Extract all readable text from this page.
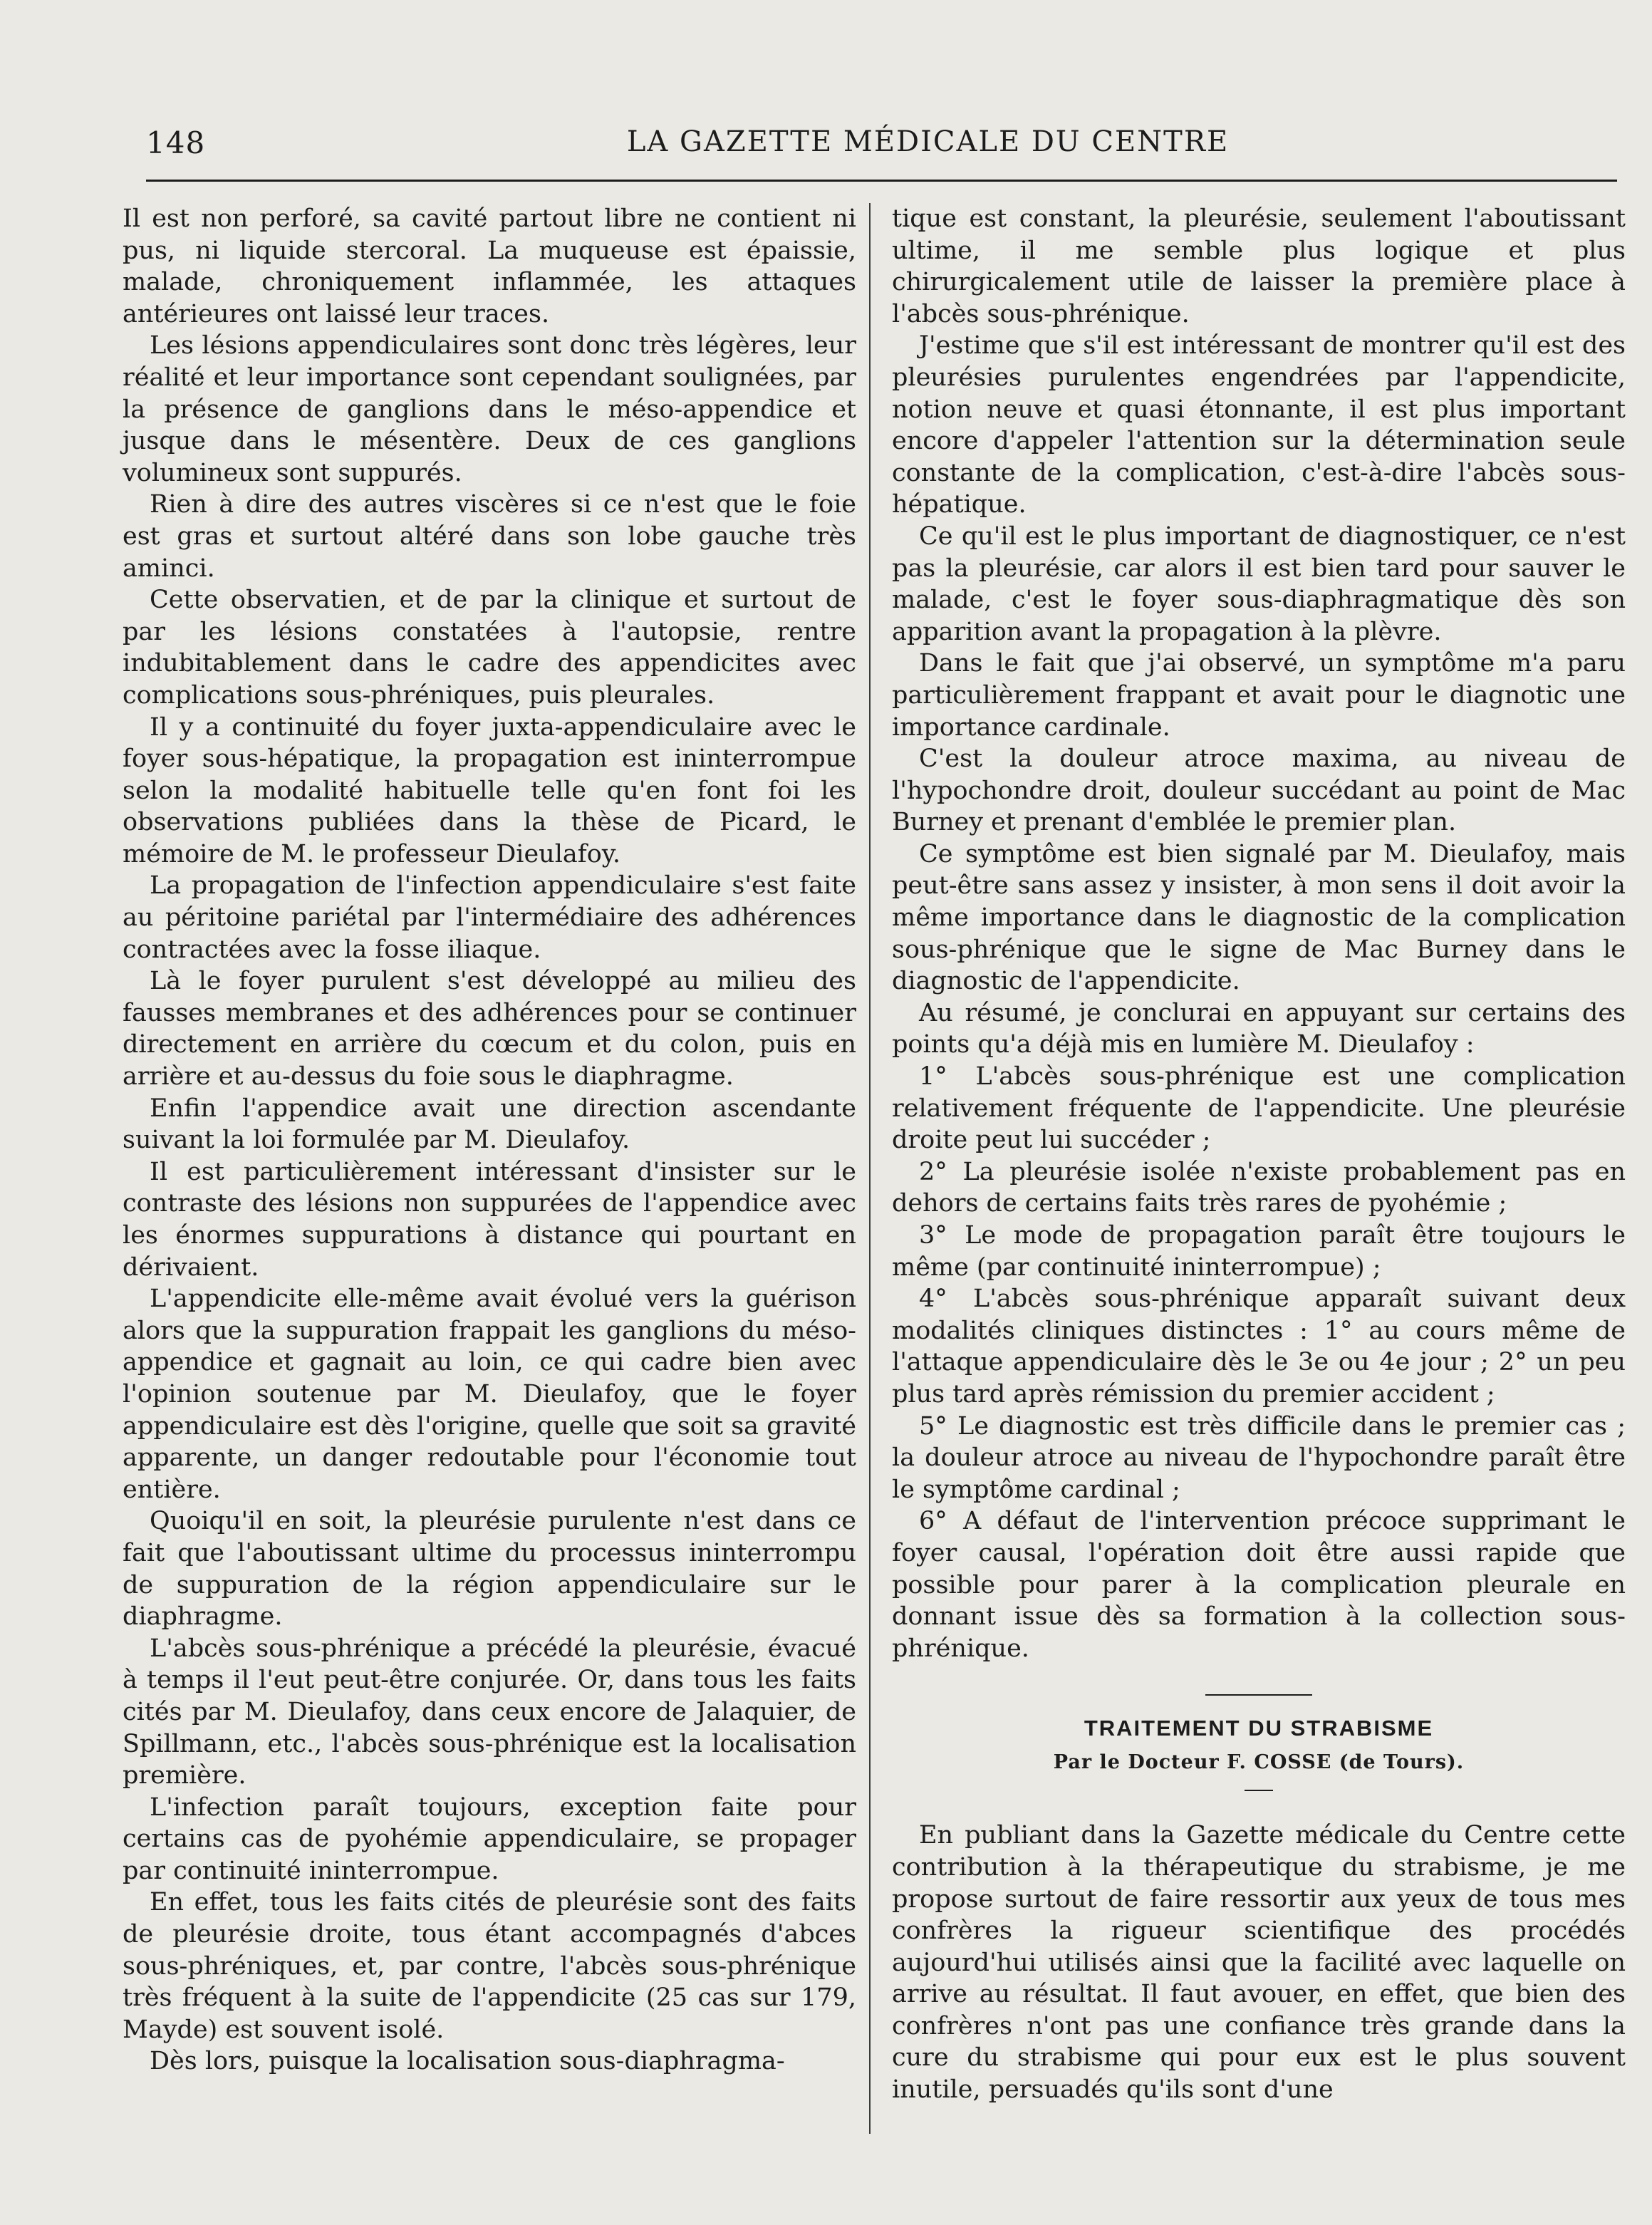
148	LA GAZETTE MÉDICALE DU CENTRE

Il est non perforé, sa cavité partout libre ne contient ni pus, ni liquide stercoral. La muqueuse est épaissie, malade, chroniquement inflammée, les attaques antérieures ont laissé leur traces.

Les lésions appendiculaires sont donc très légères, leur réalité et leur importance sont cependant soulignées, par la présence de ganglions dans le méso-appendice et jusque dans le mésentère. Deux de ces ganglions volumineux sont suppurés.

Rien à dire des autres viscères si ce n'est que le foie est gras et surtout altéré dans son lobe gauche très aminci.

Cette observatien, et de par la clinique et surtout de par les lésions constatées à l'autopsie, rentre indubitablement dans le cadre des appendicites avec complications sous-phréniques, puis pleurales.

Il y a continuité du foyer juxta-appendiculaire avec le foyer sous-hépatique, la propagation est ininterrompue selon la modalité habituelle telle qu'en font foi les observations publiées dans la thèse de Picard, le mémoire de M. le professeur Dieulafoy.

La propagation de l'infection appendiculaire s'est faite au péritoine pariétal par l'intermédiaire des adhérences contractées avec la fosse iliaque.

Là le foyer purulent s'est développé au milieu des fausses membranes et des adhérences pour se continuer directement en arrière du cœcum et du colon, puis en arrière et au-dessus du foie sous le diaphragme.

Enfin l'appendice avait une direction ascendante suivant la loi formulée par M. Dieulafoy.

Il est particulièrement intéressant d'insister sur le contraste des lésions non suppurées de l'appendice avec les énormes suppurations à distance qui pourtant en dérivaient.

L'appendicite elle-même avait évolué vers la guérison alors que la suppuration frappait les ganglions du méso-appendice et gagnait au loin, ce qui cadre bien avec l'opinion soutenue par M. Dieulafoy, que le foyer appendiculaire est dès l'origine, quelle que soit sa gravité apparente, un danger redoutable pour l'économie tout entière.

Quoiqu'il en soit, la pleurésie purulente n'est dans ce fait que l'aboutissant ultime du processus ininterrompu de suppuration de la région appendiculaire sur le diaphragme.

L'abcès sous-phrénique a précédé la pleurésie, évacué à temps il l'eut peut-être conjurée. Or, dans tous les faits cités par M. Dieulafoy, dans ceux encore de Jalaquier, de Spillmann, etc., l'abcès sous-phrénique est la localisation première.

L'infection paraît toujours, exception faite pour certains cas de pyohémie appendiculaire, se propager par continuité ininterrompue.

En effet, tous les faits cités de pleurésie sont des faits de pleurésie droite, tous étant accompagnés d'abces sous-phréniques, et, par contre, l'abcès sous-phrénique très fréquent à la suite de l'appendicite (25 cas sur 179, Mayde) est souvent isolé.

Dès lors, puisque la localisation sous-diaphragma-

tique est constant, la pleurésie, seulement l'aboutissant ultime, il me semble plus logique et plus chirurgicalement utile de laisser la première place à l'abcès sous-phrénique.

J'estime que s'il est intéressant de montrer qu'il est des pleurésies purulentes engendrées par l'appendicite, notion neuve et quasi étonnante, il est plus important encore d'appeler l'attention sur la détermination seule constante de la complication, c'est-à-dire l'abcès sous-hépatique.

Ce qu'il est le plus important de diagnostiquer, ce n'est pas la pleurésie, car alors il est bien tard pour sauver le malade, c'est le foyer sous-diaphragmatique dès son apparition avant la propagation à la plèvre.

Dans le fait que j'ai observé, un symptôme m'a paru particulièrement frappant et avait pour le diagnotic une importance cardinale.

C'est la douleur atroce maxima, au niveau de l'hypochondre droit, douleur succédant au point de Mac Burney et prenant d'emblée le premier plan.

Ce symptôme est bien signalé par M. Dieulafoy, mais peut-être sans assez y insister, à mon sens il doit avoir la même importance dans le diagnostic de la complication sous-phrénique que le signe de Mac Burney dans le diagnostic de l'appendicite.

Au résumé, je conclurai en appuyant sur certains des points qu'a déjà mis en lumière M. Dieulafoy :

1° L'abcès sous-phrénique est une complication relativement fréquente de l'appendicite. Une pleurésie droite peut lui succéder ;

2° La pleurésie isolée n'existe probablement pas en dehors de certains faits très rares de pyohémie ;

3° Le mode de propagation paraît être toujours le même (par continuité ininterrompue) ;

4° L'abcès sous-phrénique apparaît suivant deux modalités cliniques distinctes : 1° au cours même de l'attaque appendiculaire dès le 3e ou 4e jour ; 2° un peu plus tard après rémission du premier accident ;

5° Le diagnostic est très difficile dans le premier cas ; la douleur atroce au niveau de l'hypochondre paraît être le symptôme cardinal ;

6° A défaut de l'intervention précoce supprimant le foyer causal, l'opération doit être aussi rapide que possible pour parer à la complication pleurale en donnant issue dès sa formation à la collection sous-phrénique.

TRAITEMENT DU STRABISME
Par le Docteur F. COSSE (de Tours).

En publiant dans la Gazette médicale du Centre cette contribution à la thérapeutique du strabisme, je me propose surtout de faire ressortir aux yeux de tous mes confrères la rigueur scientifique des procédés aujourd'hui utilisés ainsi que la facilité avec laquelle on arrive au résultat. Il faut avouer, en effet, que bien des confrères n'ont pas une confiance très grande dans la cure du strabisme qui pour eux est le plus souvent inutile, persuadés qu'ils sont d'une
